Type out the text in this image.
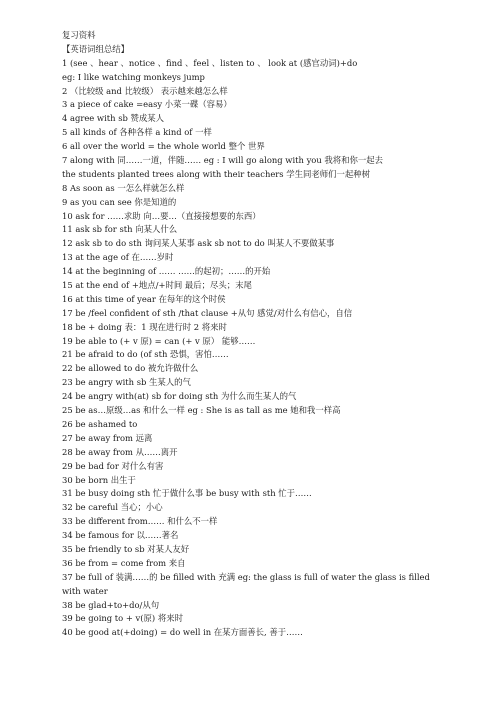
复习资料
【英语词组总结】
1 (see 、hear 、notice 、find 、feel 、listen to 、 look at (感官动词)+do
eg: I like watching monkeys jump
2 （比较级 and 比较级） 表示越来越怎么样
3 a piece of cake =easy 小菜一碟（容易）
4 agree with sb 赞成某人
5 all kinds of 各种各样 a kind of 一样
6 all over the world = the whole world 整个 世界
7 along with 同……一道，伴随…… eg : I will go along with you 我将和你一起去
the students planted trees along with their teachers 学生同老师们一起种树
8 As soon as 一怎么样就怎么样
9 as you can see 你是知道的
10 ask for ……求助 向…要…（直接接想要的东西）
11 ask sb for sth 向某人什么
12 ask sb to do sth 询问某人某事 ask sb not to do 叫某人不要做某事
13 at the age of 在……岁时
14 at the beginning of …… ……的起初；……的开始
15 at the end of +地点/+时间 最后；尽头；末尾
16 at this time of year 在每年的这个时侯
17 be /feel confident of sth /that clause +从句 感觉/对什么有信心，自信
18 be + doing 表：1 现在进行时 2 将来时
19 be able to (+ v 原) = can (+ v 原） 能够……
21 be afraid to do (of sth 恐惧，害怕……
22 be allowed to do 被允许做什么
23 be angry with sb 生某人的气
24 be angry with(at) sb for doing sth 为什么而生某人的气
25 be as…原级…as 和什么一样 eg : She is as tall as me 她和我一样高
26 be ashamed to
27 be away from 远离
28 be away from 从……离开
29 be bad for 对什么有害
30 be born 出生于
31 be busy doing sth 忙于做什么事 be busy with sth 忙于……
32 be careful 当心；小心
33 be different from…… 和什么不一样
34 be famous for 以……著名
35 be friendly to sb 对某人友好
36 be from = come from 来自
37 be full of 装满……的 be filled with 充满 eg: the glass is full of water the glass is filled
with water
38 be glad+to+do/从句
39 be going to + v(原) 将来时
40 be good at(+doing) = do well in 在某方面善长, 善于……
